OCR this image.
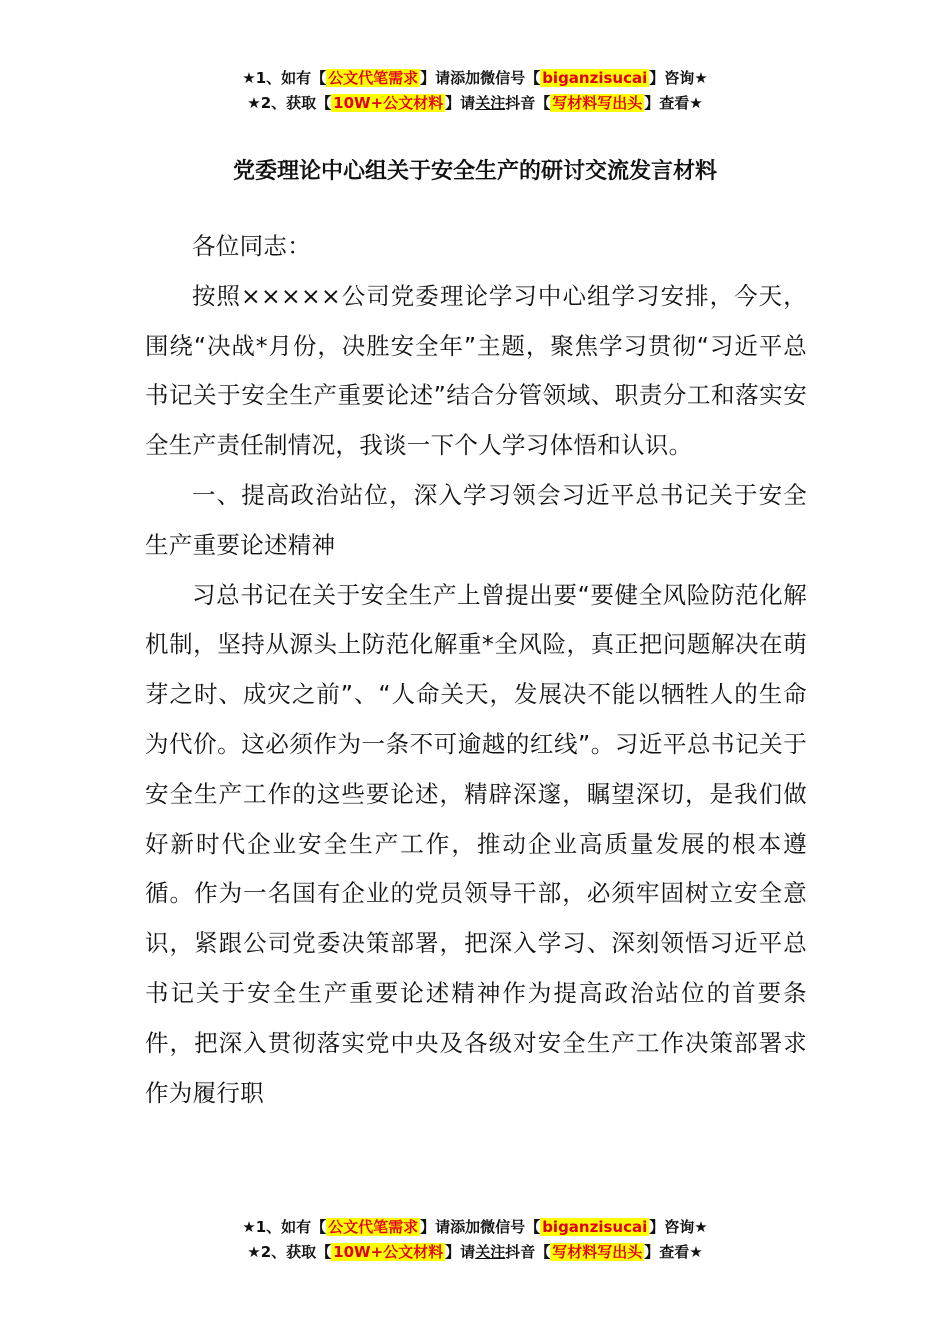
★1、如有【 公文代笔需求 】请添加微信号【 biganzisucai 】咨询★
★2、获取【 10W+公文材料 】请关注抖音【 写材料写出头 】查看★
党委理论中心组关于安全生产的研讨交流发言材料

各位同志：

按照×××××公司党委理论学习中心组学习安排，今天，围绕“决战*月份，决胜安全年”主题，聚焦学习贯彻“习近平总书记关于安全生产重要论述”结合分管领域、职责分工和落实安全生产责任制情况，我谈一下个人学习体悟和认识。

一、提高政治站位，深入学习领会习近平总书记关于安全生产重要论述精神

习总书记在关于安全生产上曾提出要“要健全风险防范化解机制，坚持从源头上防范化解重*全风险，真正把问题解决在萌芽之时、成灾之前”、“人命关天，发展决不能以牺牲人的生命为代价。这必须作为一条不可逾越的红线”。习近平总书记关于安全生产工作的这些要论述，精辟深邃，瞩望深切，是我们做好新时代企业安全生产工作，推动企业高质量发展的根本遵循。作为一名国有企业的党员领导干部，必须牢固树立安全意识，紧跟公司党委决策部署，把深入学习、深刻领悟习近平总书记关于安全生产重要论述精神作为提高政治站位的首要条件，把深入贯彻落实党中央及各级对安全生产工作决策部署求作为履行职

★1、如有【 公文代笔需求 】请添加微信号【 biganzisucai 】咨询★
★2、获取【 10W+公文材料 】请关注抖音【 写材料写出头 】查看★
